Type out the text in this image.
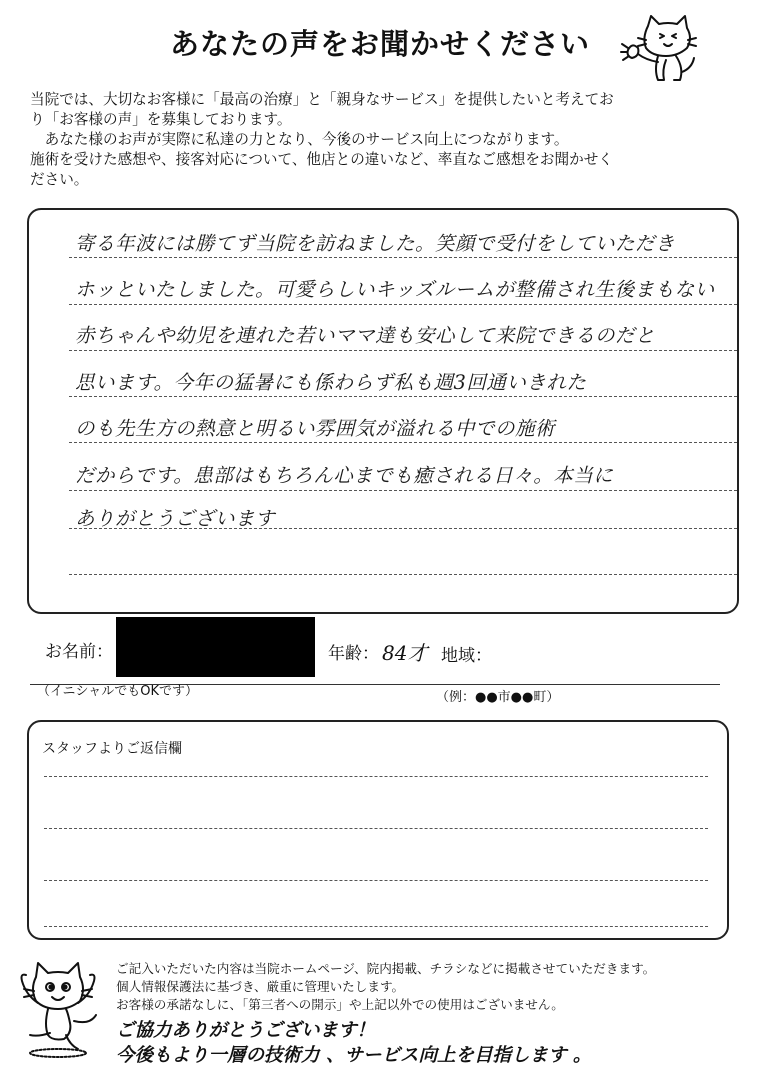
あなたの声をお聞かせください

当院では、大切なお客様に「最高の治療」と「親身なサービス」を提供したいと考えてお

り「お客様の声」を募集しております。

あなた様のお声が実際に私達の力となり、今後のサービス向上につながります。

施術を受けた感想や、接客対応について、他店との違いなど、率直なご感想をお聞かせく

ださい。

寄る年波には勝てず当院を訪ねました。笑顔で受付をしていただき
ホッといたしました。可愛らしいキッズルームが整備され生後まもない
赤ちゃんや幼児を連れた若いママ達も安心して来院できるのだと
思います。今年の猛暑にも係わらず私も週3回通いきれた
のも先生方の熱意と明るい雰囲気が溢れる中での施術
だからです。患部はもちろん心までも癒される日々。本当に
ありがとうございます
お名前：	年齢： 84才 地域：
（イニシャルでもOKです）	（例：●●市●●町）
スタッフよりご返信欄

ご記入いただいた内容は当院ホームページ、院内掲載、チラシなどに掲載させていただきます。

個人情報保護法に基づき、厳重に管理いたします。

お客様の承諾なしに、「第三者への開示」や上記以外での使用はございません。

ご協力ありがとうございます！

今後もより一層の技術力 、サービス向上を目指します 。
